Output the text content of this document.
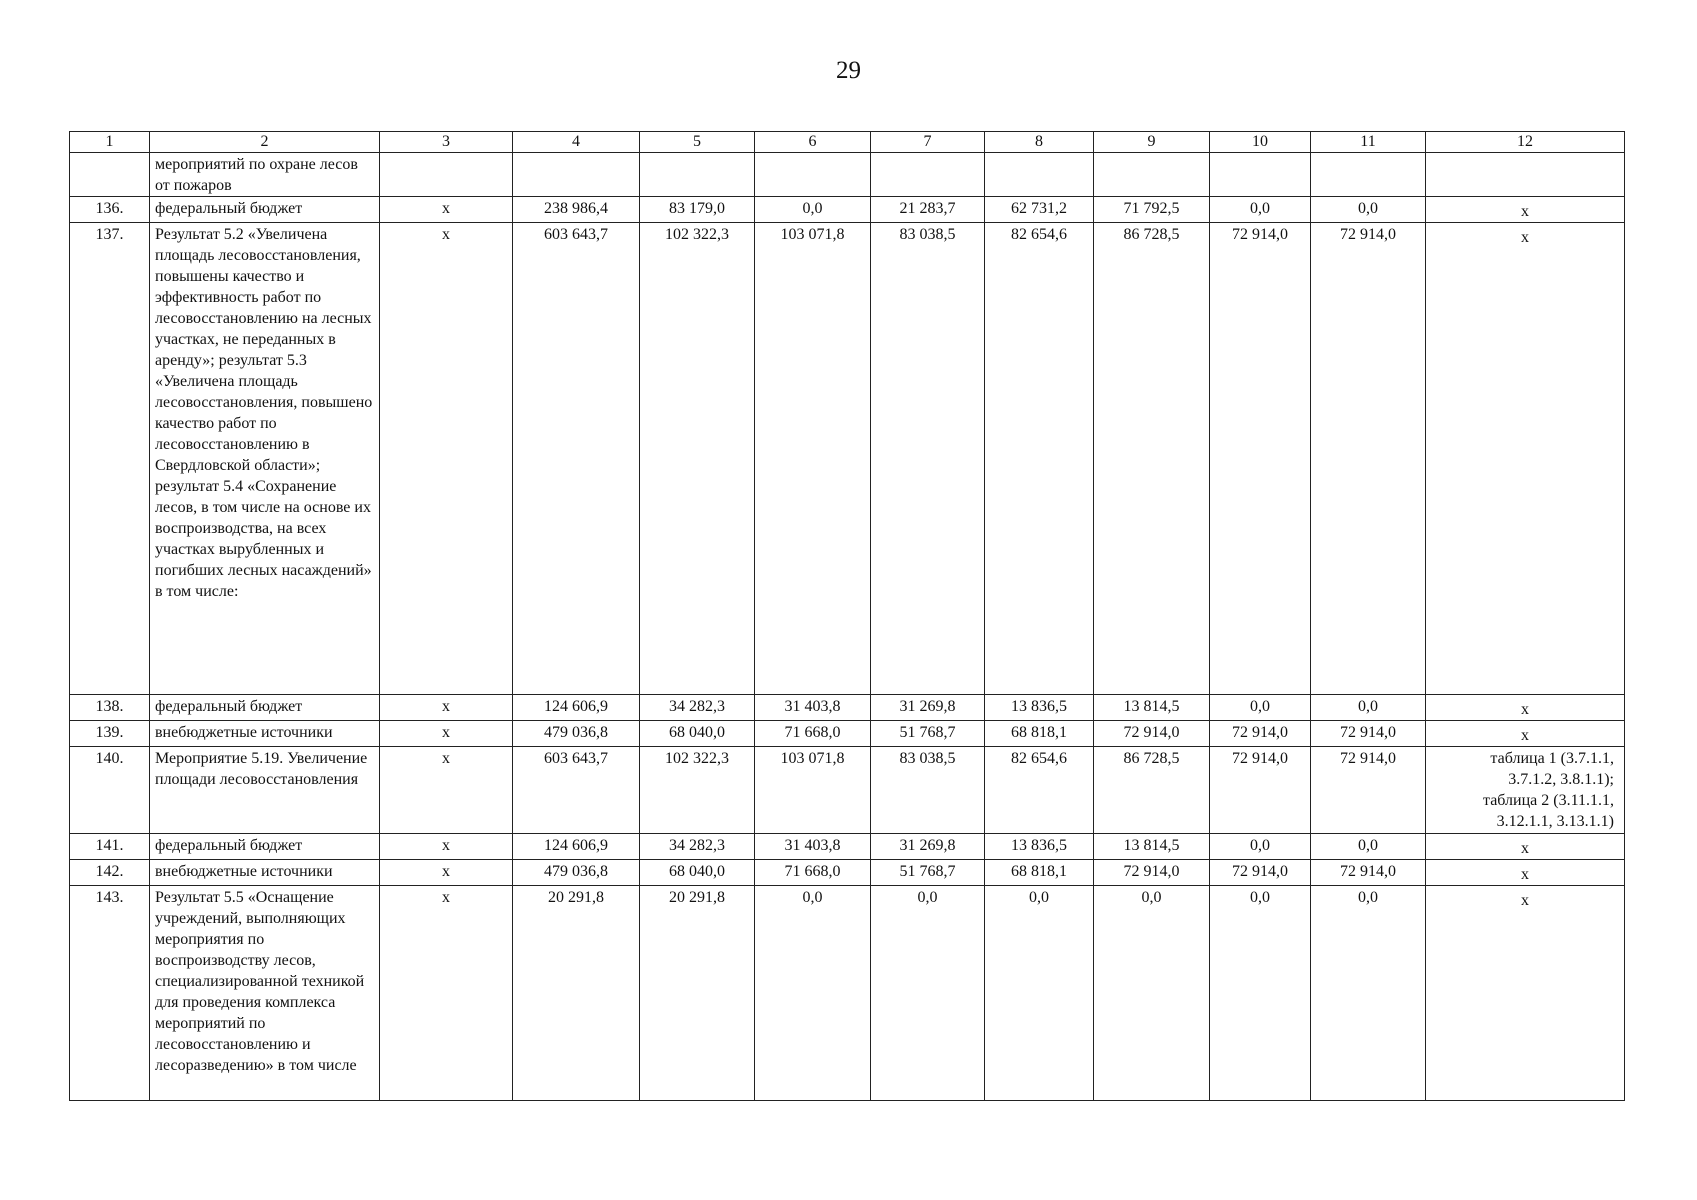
29
1	2	3	4	5	6	7	8	9	10	11	12
	мероприятий по охране лесов от пожаров										
136.	федеральный бюджет	x	238 986,4	83 179,0	0,0	21 283,7	62 731,2	71 792,5	0,0	0,0	x
137.	Результат 5.2 «Увеличена площадь лесовосстановления, повышены качество и эффективность работ по лесовосстановлению на лесных участках, не переданных в аренду»; результат 5.3 «Увеличена площадь лесовосстановления, повышено качество работ по лесовосстановлению в Свердловской области»; результат 5.4 «Сохранение лесов, в том числе на основе их воспроизводства, на всех участках вырубленных и погибших лесных насаждений» в том числе:	x	603 643,7	102 322,3	103 071,8	83 038,5	82 654,6	86 728,5	72 914,0	72 914,0	x
138.	федеральный бюджет	x	124 606,9	34 282,3	31 403,8	31 269,8	13 836,5	13 814,5	0,0	0,0	x
139.	внебюджетные источники	x	479 036,8	68 040,0	71 668,0	51 768,7	68 818,1	72 914,0	72 914,0	72 914,0	x
140.	Мероприятие 5.19. Увеличение площади лесовосстановления	x	603 643,7	102 322,3	103 071,8	83 038,5	82 654,6	86 728,5	72 914,0	72 914,0	таблица 1 (3.7.1.1,
3.7.1.2, 3.8.1.1);
таблица 2 (3.11.1.1,
3.12.1.1, 3.13.1.1)
141.	федеральный бюджет	x	124 606,9	34 282,3	31 403,8	31 269,8	13 836,5	13 814,5	0,0	0,0	x
142.	внебюджетные источники	x	479 036,8	68 040,0	71 668,0	51 768,7	68 818,1	72 914,0	72 914,0	72 914,0	x
143.	Результат 5.5 «Оснащение учреждений, выполняющих мероприятия по воспроизводству лесов, специализированной техникой для проведения комплекса мероприятий по лесовосстановлению и лесоразведению» в том числе	x	20 291,8	20 291,8	0,0	0,0	0,0	0,0	0,0	0,0	x
